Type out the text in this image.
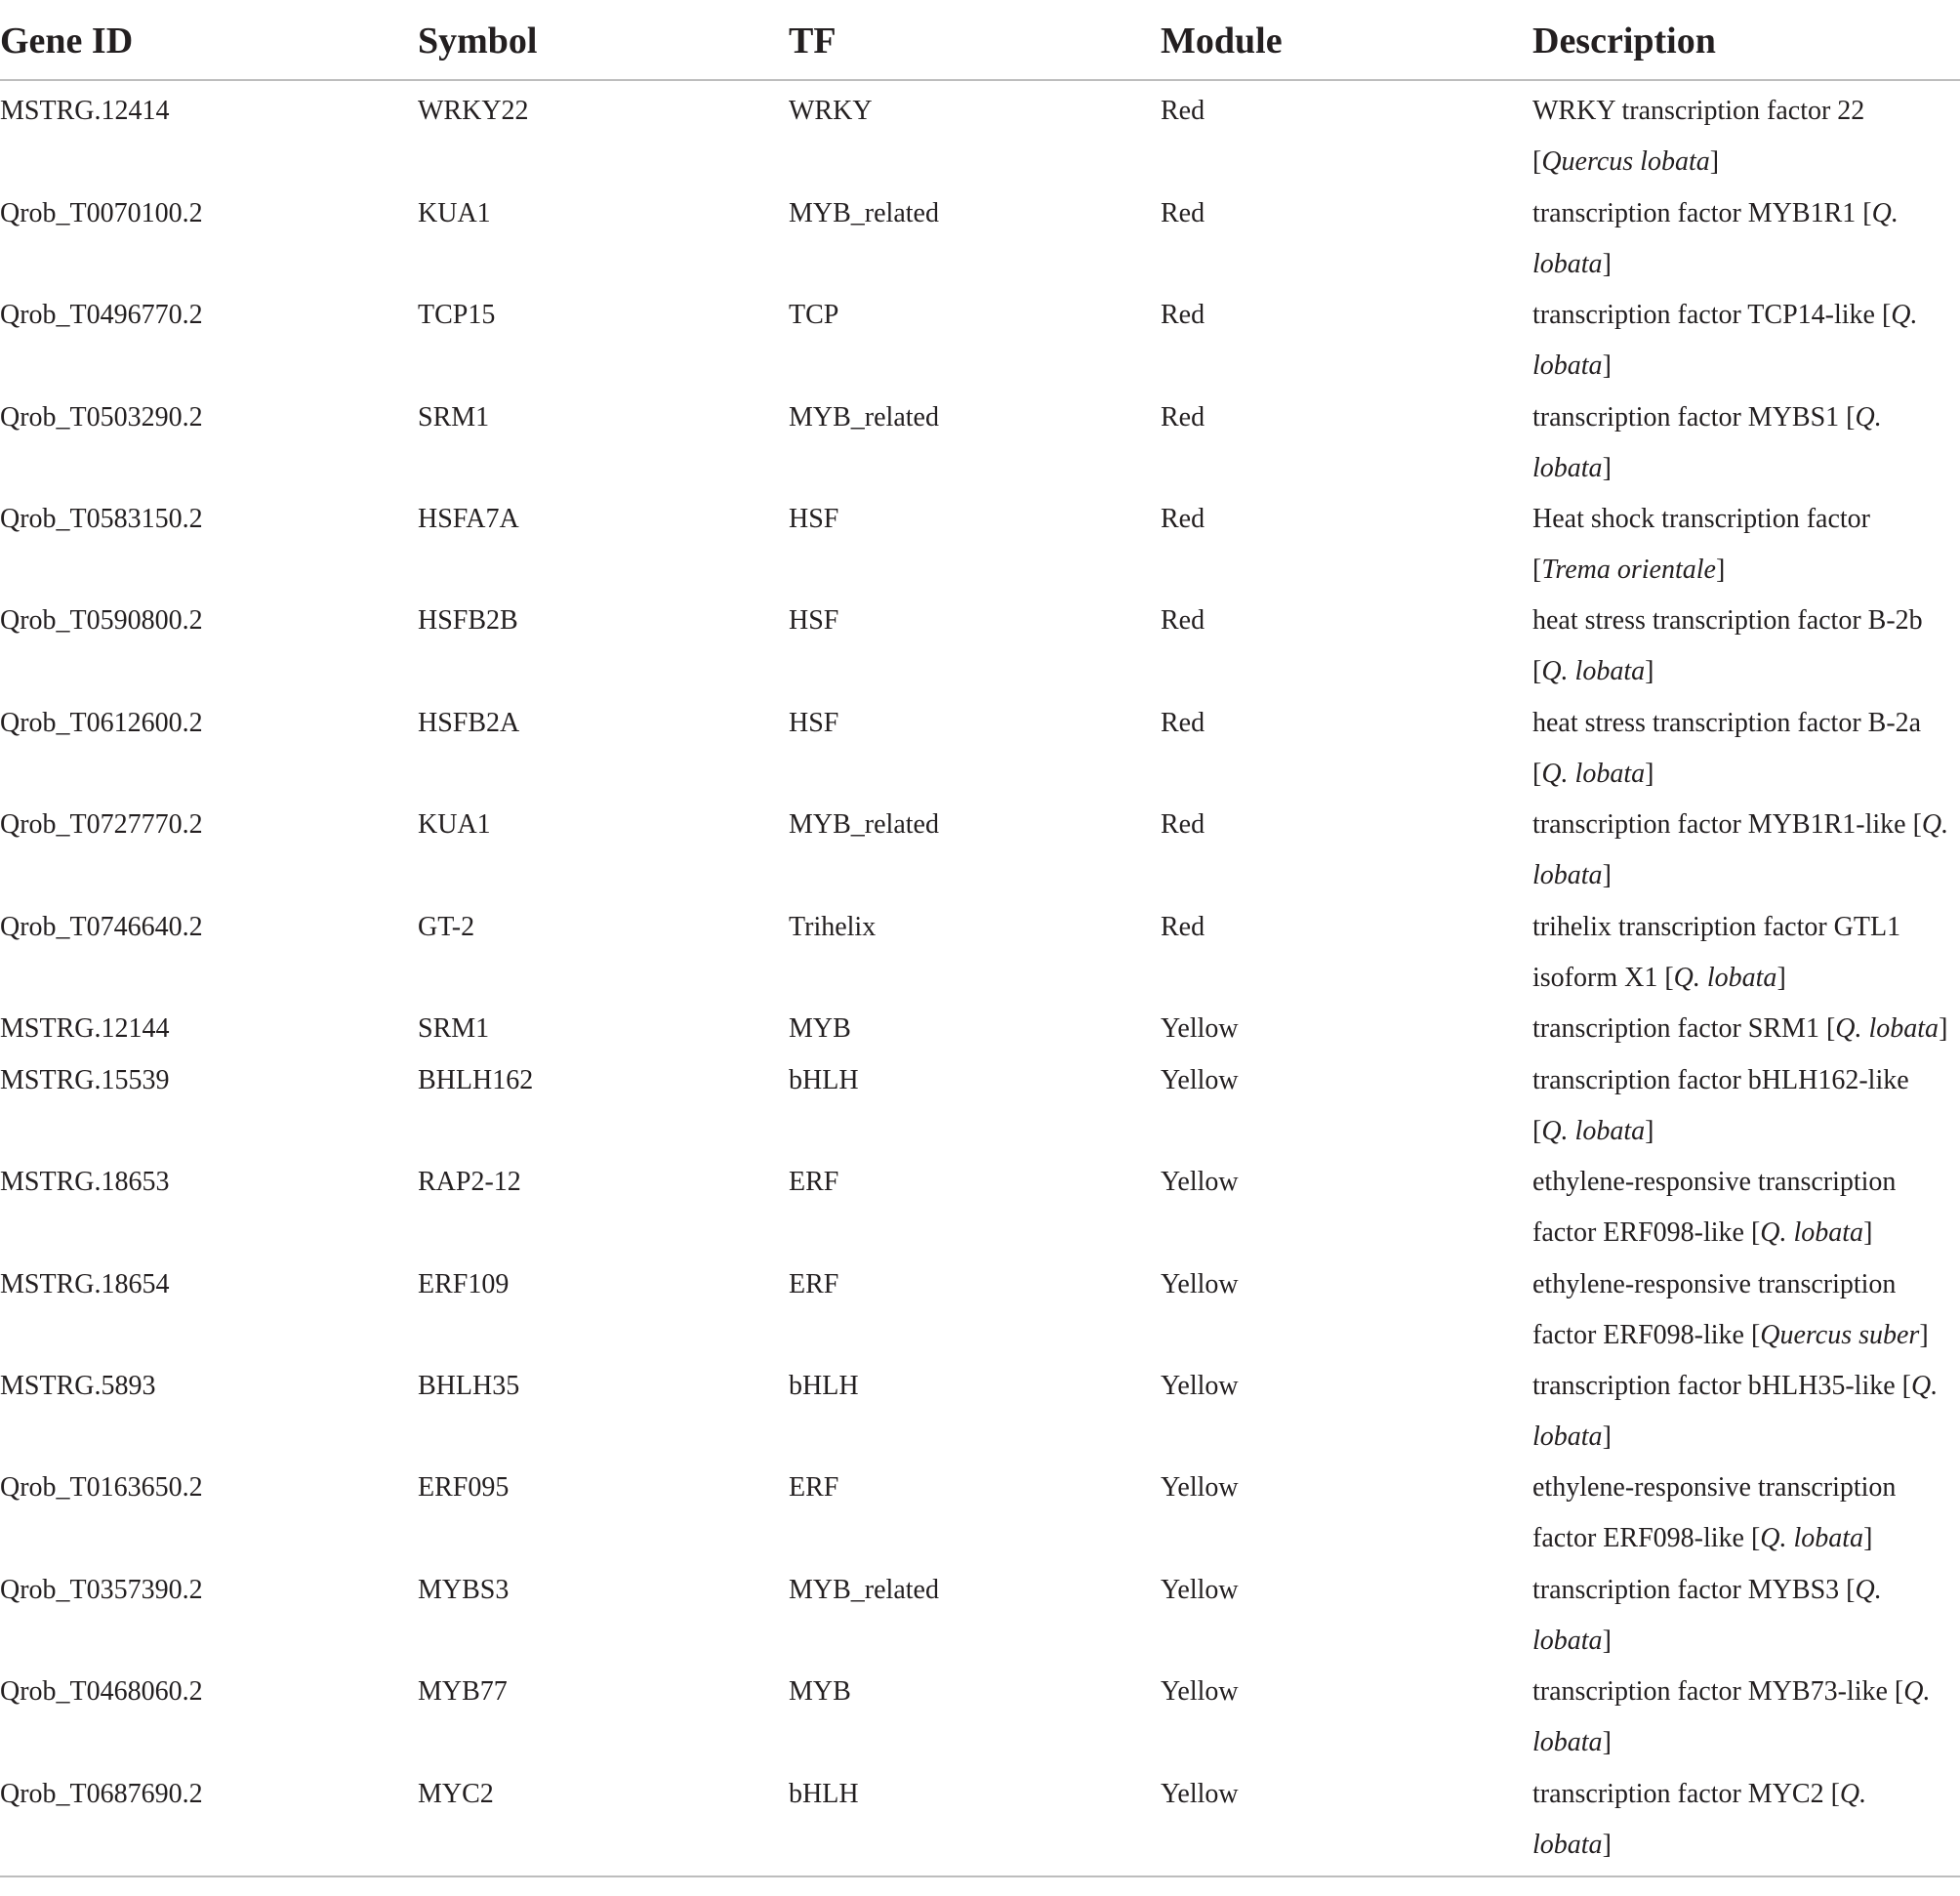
Gene ID	Symbol	TF	Module	Description
MSTRG.12414	WRKY22	WRKY	Red	WRKY transcription factor 22
[Quercus lobata]
Qrob_T0070100.2	KUA1	MYB_related	Red	transcription factor MYB1R1 [Q.
lobata]
Qrob_T0496770.2	TCP15	TCP	Red	transcription factor TCP14-like [Q.
lobata]
Qrob_T0503290.2	SRM1	MYB_related	Red	transcription factor MYBS1 [Q.
lobata]
Qrob_T0583150.2	HSFA7A	HSF	Red	Heat shock transcription factor
[Trema orientale]
Qrob_T0590800.2	HSFB2B	HSF	Red	heat stress transcription factor B-2b
[Q. lobata]
Qrob_T0612600.2	HSFB2A	HSF	Red	heat stress transcription factor B-2a
[Q. lobata]
Qrob_T0727770.2	KUA1	MYB_related	Red	transcription factor MYB1R1-like [Q.
lobata]
Qrob_T0746640.2	GT-2	Trihelix	Red	trihelix transcription factor GTL1
isoform X1 [Q. lobata]
MSTRG.12144	SRM1	MYB	Yellow	transcription factor SRM1 [Q. lobata]
MSTRG.15539	BHLH162	bHLH	Yellow	transcription factor bHLH162-like
[Q. lobata]
MSTRG.18653	RAP2-12	ERF	Yellow	ethylene-responsive transcription
factor ERF098-like [Q. lobata]
MSTRG.18654	ERF109	ERF	Yellow	ethylene-responsive transcription
factor ERF098-like [Quercus suber]
MSTRG.5893	BHLH35	bHLH	Yellow	transcription factor bHLH35-like [Q.
lobata]
Qrob_T0163650.2	ERF095	ERF	Yellow	ethylene-responsive transcription
factor ERF098-like [Q. lobata]
Qrob_T0357390.2	MYBS3	MYB_related	Yellow	transcription factor MYBS3 [Q.
lobata]
Qrob_T0468060.2	MYB77	MYB	Yellow	transcription factor MYB73-like [Q.
lobata]
Qrob_T0687690.2	MYC2	bHLH	Yellow	transcription factor MYC2 [Q.
lobata]
